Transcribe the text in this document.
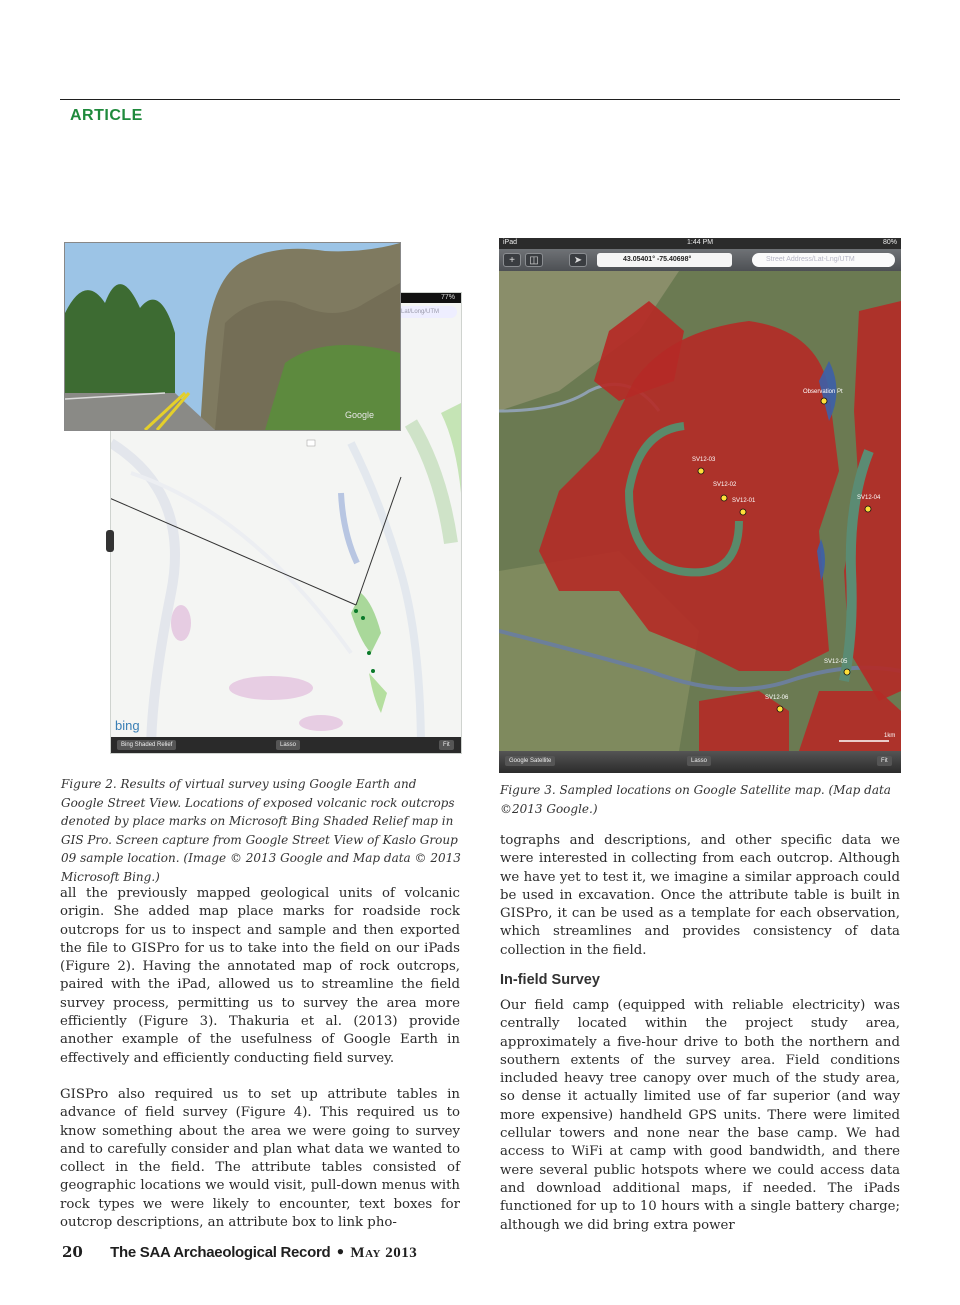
ARTICLE
77%
Lat/Long/UTM
bing
Bing Shaded Relief	Lasso	Fit
Google
iPad	1:44 PM	80%
+	◫	➤	43.05401° -75.40698°	Street Address/Lat-Lng/UTM
SV12-03
SV12-02
SV12-01	SV12-04
SV12-05
SV12-06
Observation Pt
1km
Google Satellite	Lasso	Fit
Figure 2. Results of virtual survey using Google Earth and Google Street View. Locations of exposed volcanic rock outcrops denoted by place marks on Microsoft Bing Shaded Relief map in GIS Pro. Screen capture from Google Street View of Kaslo Group 09 sample location. (Image © 2013 Google and Map data © 2013 Microsoft Bing.)
Figure 3. Sampled locations on Google Satellite map. (Map data ©2013 Google.)

all the previously mapped geological units of volcanic origin. She added map place marks for roadside rock outcrops for us to inspect and sample and then exported the file to GISPro for us to take into the field on our iPads (Figure 2). Having the annotated map of rock outcrops, paired with the iPad, allowed us to streamline the field survey process, permitting us to survey the area more efficiently (Figure 3). Thakuria et al. (2013) provide another example of the usefulness of Google Earth in effectively and efficiently conducting field survey.

GISPro also required us to set up attribute tables in advance of field survey (Figure 4). This required us to know something about the area we were going to survey and to carefully consider and plan what data we wanted to collect in the field. The attribute tables consisted of geographic locations we would visit, pull-down menus with rock types we were likely to encounter, text boxes for outcrop descriptions, an attribute box to link pho-

tographs and descriptions, and other specific data we were interested in collecting from each outcrop. Although we have yet to test it, we imagine a similar approach could be used in excavation. Once the attribute table is built in GISPro, it can be used as a template for each observation, which streamlines and provides consistency of data collection in the field.

In-field Survey

Our field camp (equipped with reliable electricity) was centrally located within the project study area, approximately a five-hour drive to both the northern and southern extents of the survey area. Field conditions included heavy tree canopy over much of the study area, so dense it actually limited use of far superior (and way more expensive) handheld GPS units. There were limited cellular towers and none near the base camp. We had access to WiFi at camp with good bandwidth, and there were several public hotspots where we could access data and download additional maps, if needed. The iPads functioned for up to 10 hours with a single battery charge; although we did bring extra power

20 The SAA Archaeological Record • May 2013
